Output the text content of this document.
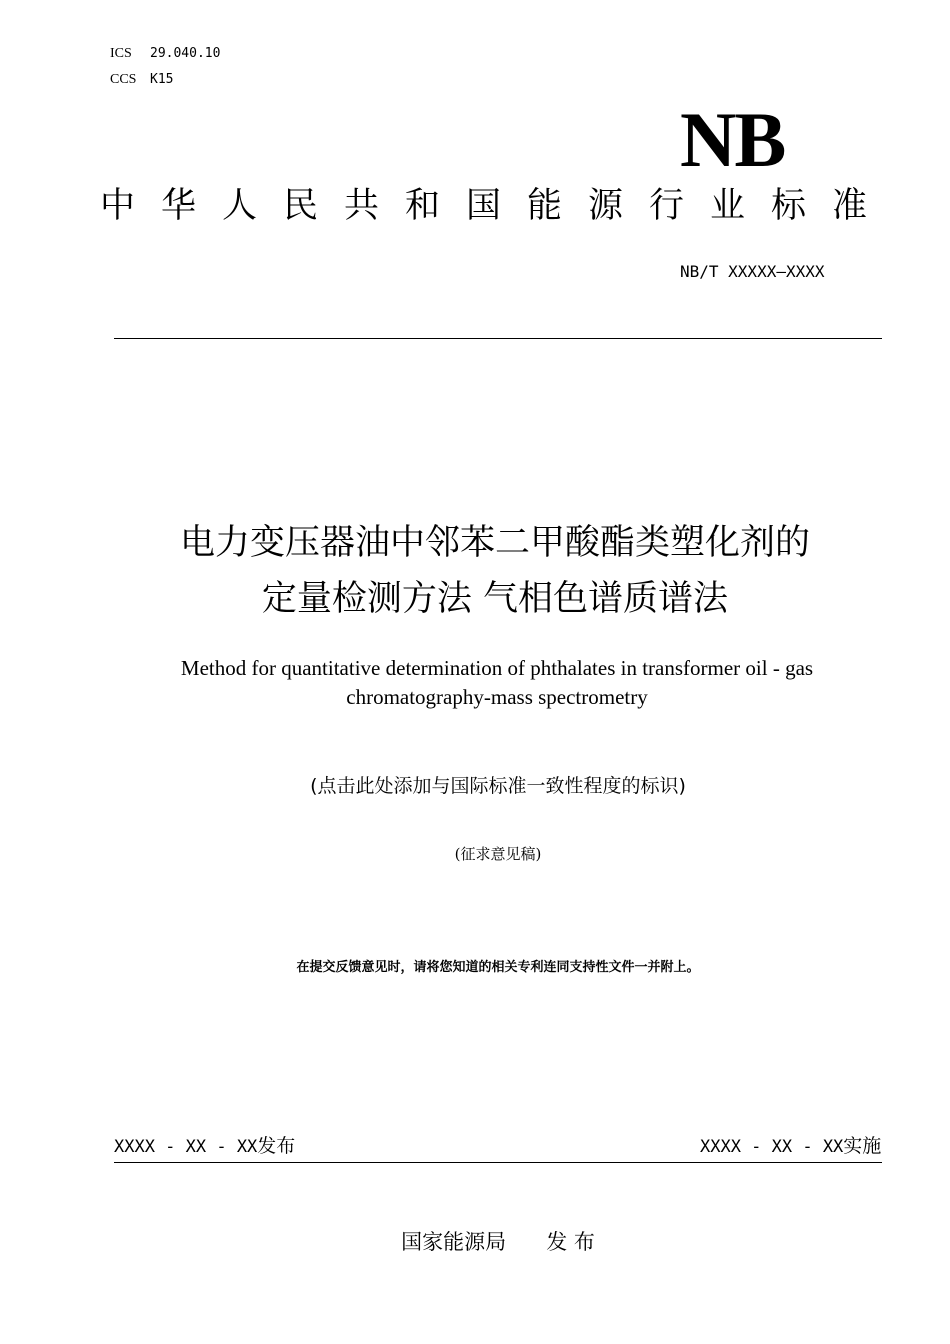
ICS 29.040.10
CCS K15
NB
中华人民共和国能源行业标准
NB/T XXXXX—XXXX
电力变压器油中邻苯二甲酸酯类塑化剂的
定量检测方法 气相色谱质谱法
Method for quantitative determination of phthalates in transformer oil - gas
chromatography-mass spectrometry
(点击此处添加与国际标准一致性程度的标识)
(征求意见稿)
在提交反馈意见时，请将您知道的相关专利连同支持性文件一并附上。
XXXX - XX - XX发布	XXXX - XX - XX实施
国家能源局 发 布
